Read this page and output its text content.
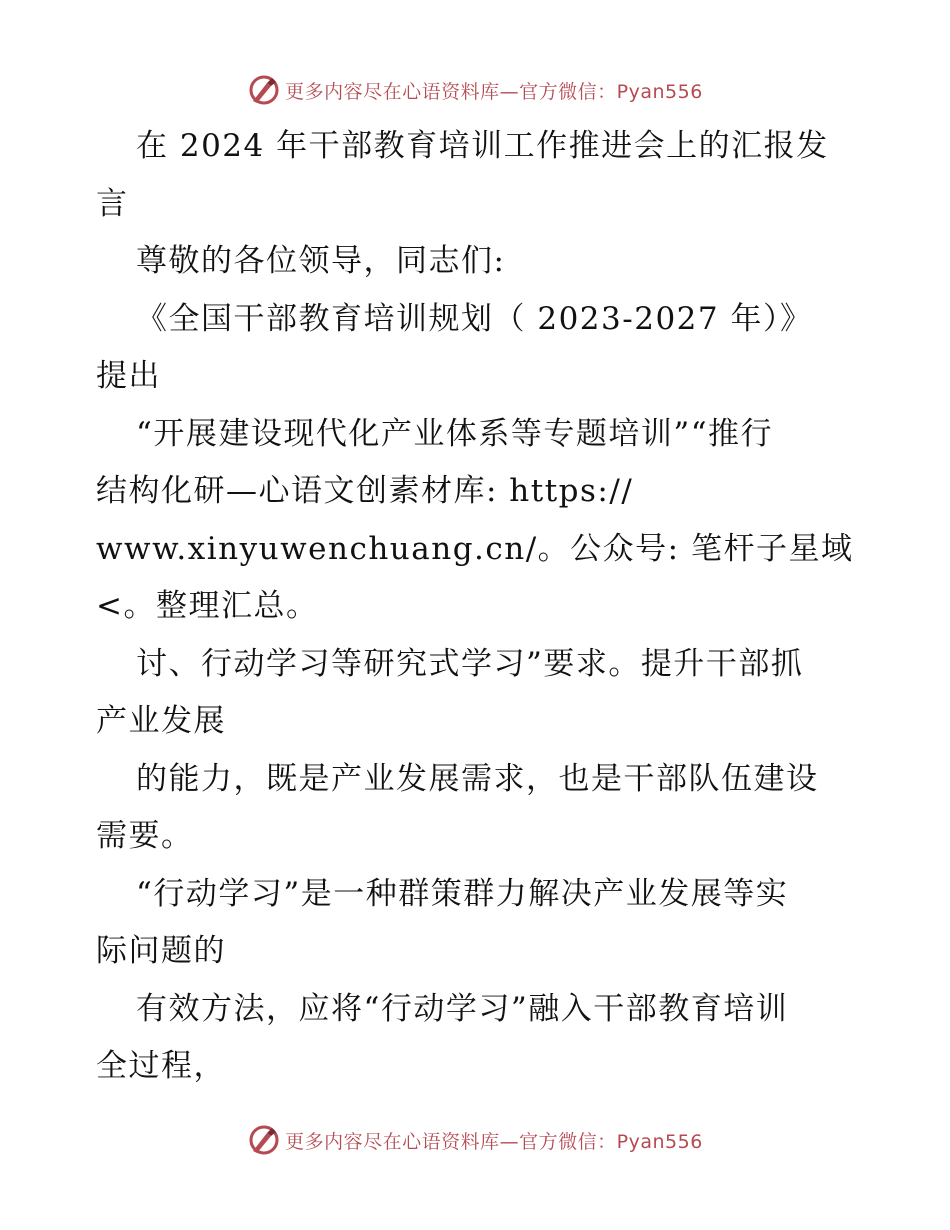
更多内容尽在心语资料库—官方微信：Pyan556
在 2024 年干部教育培训工作推进会上的汇报发
言
尊敬的各位领导，同志们:
《全国干部教育培训规划（ 2023-2027 年）》
提出
“开展建设现代化产业体系等专题培训”“推行
结构化研—心语文创素材库: https://
www.xinyuwenchuang.cn/。公众号: 笔杆子星域
<。整理汇总。
讨、行动学习等研究式学习”要求。提升干部抓
产业发展
的能力，既是产业发展需求，也是干部队伍建设
需要。
“行动学习”是一种群策群力解决产业发展等实
际问题的
有效方法，应将“行动学习”融入干部教育培训
全过程，
更多内容尽在心语资料库—官方微信：Pyan556
